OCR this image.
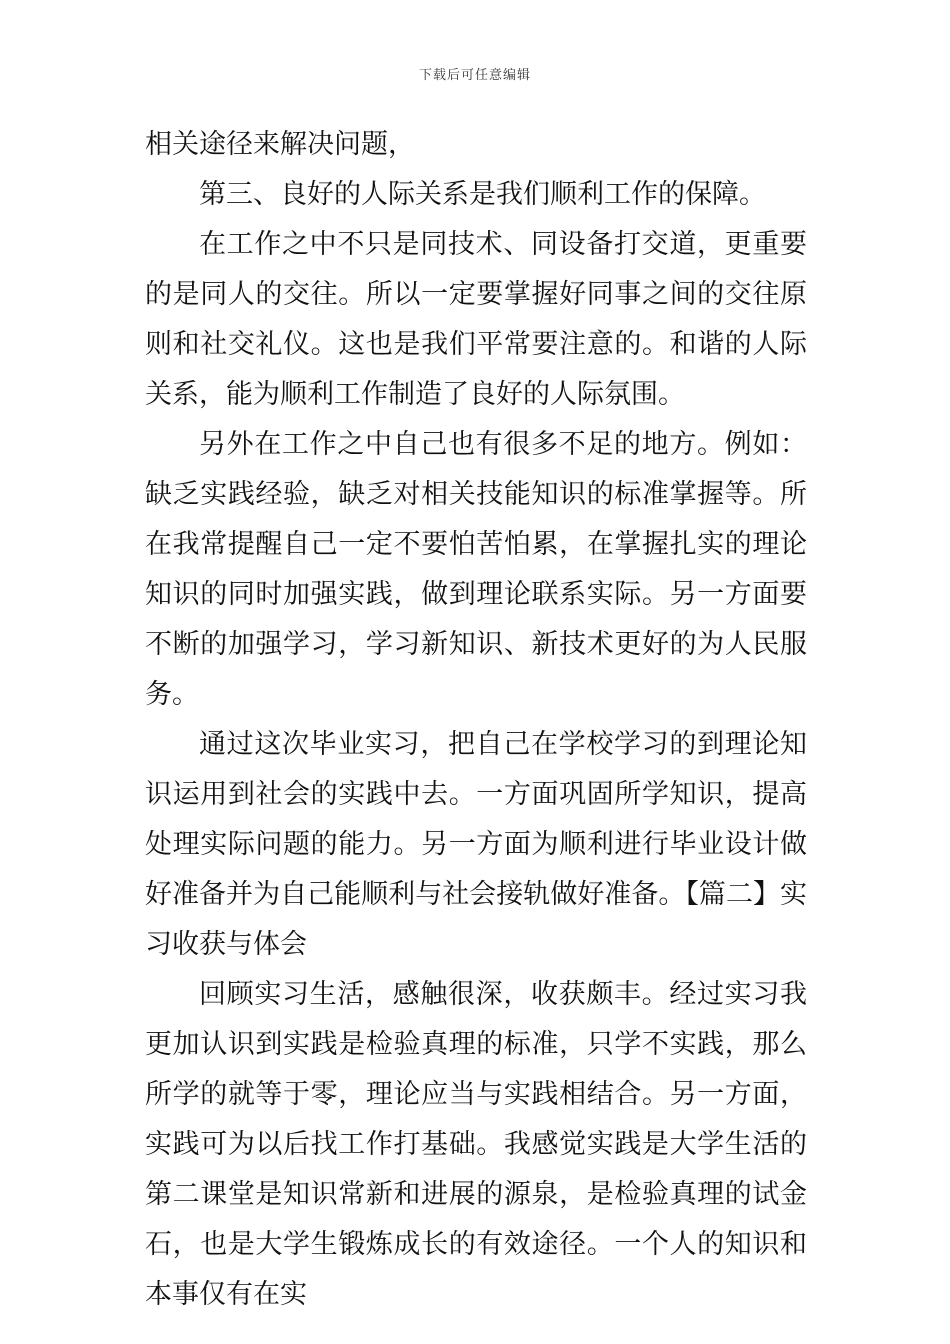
下载后可任意编辑

相关途径来解决问题，

第三、良好的人际关系是我们顺利工作的保障。

在工作之中不只是同技术、同设备打交道，更重要的是同人的交往。所以一定要掌握好同事之间的交往原则和社交礼仪。这也是我们平常要注意的。和谐的人际关系，能为顺利工作制造了良好的人际氛围。

另外在工作之中自己也有很多不足的地方。例如：缺乏实践经验，缺乏对相关技能知识的标准掌握等。所在我常提醒自己一定不要怕苦怕累，在掌握扎实的理论知识的同时加强实践，做到理论联系实际。另一方面要不断的加强学习，学习新知识、新技术更好的为人民服务。

通过这次毕业实习，把自己在学校学习的到理论知识运用到社会的实践中去。一方面巩固所学知识，提高处理实际问题的能力。另一方面为顺利进行毕业设计做好准备并为自己能顺利与社会接轨做好准备。【篇二】实习收获与体会

回顾实习生活，感触很深，收获颇丰。经过实习我更加认识到实践是检验真理的标准，只学不实践，那么所学的就等于零，理论应当与实践相结合。另一方面，实践可为以后找工作打基础。我感觉实践是大学生活的第二课堂是知识常新和进展的源泉，是检验真理的试金石，也是大学生锻炼成长的有效途径。一个人的知识和本事仅有在实
